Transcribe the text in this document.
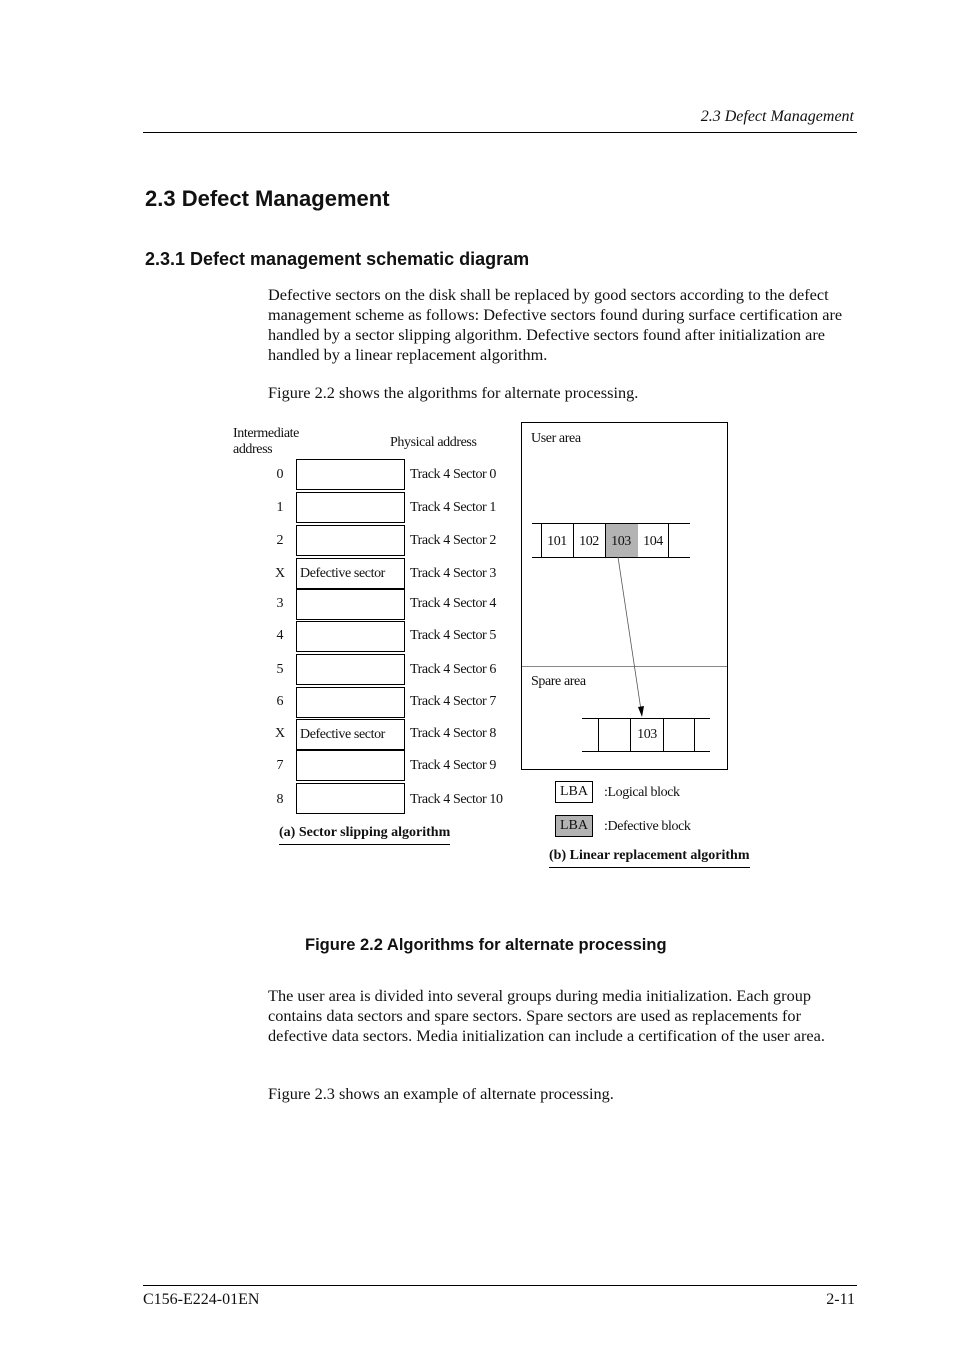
2.3 Defect Management
2.3 Defect Management
2.3.1 Defect management schematic diagram

Defective sectors on the disk shall be replaced by good sectors according to the defect management scheme as follows: Defective sectors found during surface certification are handled by a sector slipping algorithm. Defective sectors found after initialization are handled by a linear replacement algorithm.

Figure 2.2 shows the algorithms for alternate processing.

Intermediate
address	Physical address
0	Track 4 Sector 0
1	Track 4 Sector 1
2	Track 4 Sector 2
X	Defective sector	Track 4 Sector 3
3	Track 4 Sector 4
4	Track 4 Sector 5
5	Track 4 Sector 6
6	Track 4 Sector 7
X	Defective sector	Track 4 Sector 8
7	Track 4 Sector 9
8	Track 4 Sector 10
(a) Sector slipping algorithm
User area
Spare area
101 102 103 104
103
LBA	:Logical block
LBA	:Defective block
(b) Linear replacement algorithm
Figure 2.2 Algorithms for alternate processing

The user area is divided into several groups during media initialization. Each group contains data sectors and spare sectors. Spare sectors are used as replacements for defective data sectors. Media initialization can include a certification of the user area.

Figure 2.3 shows an example of alternate processing.

C156-E224-01EN	2-11
